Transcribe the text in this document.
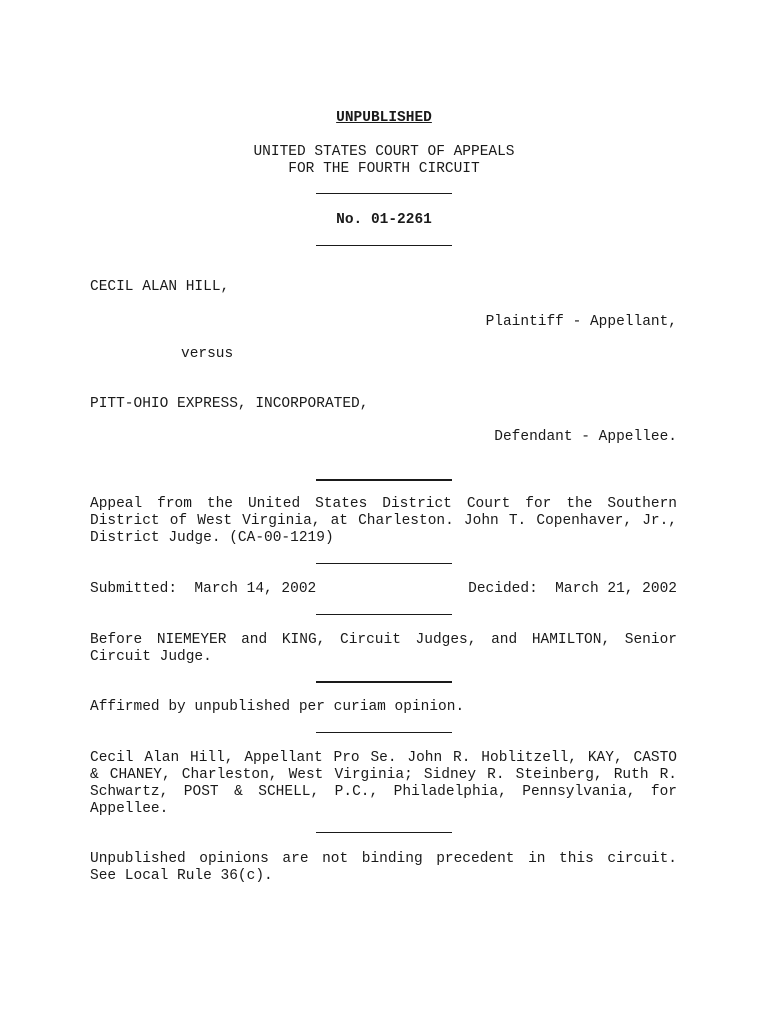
UNPUBLISHED
UNITED STATES COURT OF APPEALS
FOR THE FOURTH CIRCUIT
No. 01-2261
CECIL ALAN HILL,
Plaintiff - Appellant,
versus
PITT-OHIO EXPRESS, INCORPORATED,
Defendant - Appellee.
Appeal from the United States District Court for the Southern
District of West Virginia, at Charleston. John T. Copenhaver, Jr.,
District Judge. (CA-00-1219)
Submitted:  March 14, 2002	Decided:  March 21, 2002
Before NIEMEYER and KING, Circuit Judges, and HAMILTON, Senior
Circuit Judge.
Affirmed by unpublished per curiam opinion.
Cecil Alan Hill, Appellant Pro Se. John R. Hoblitzell, KAY, CASTO
& CHANEY, Charleston, West Virginia; Sidney R. Steinberg, Ruth R.
Schwartz, POST & SCHELL, P.C., Philadelphia, Pennsylvania, for
Appellee.
Unpublished opinions are not binding precedent in this circuit.
See Local Rule 36(c).
